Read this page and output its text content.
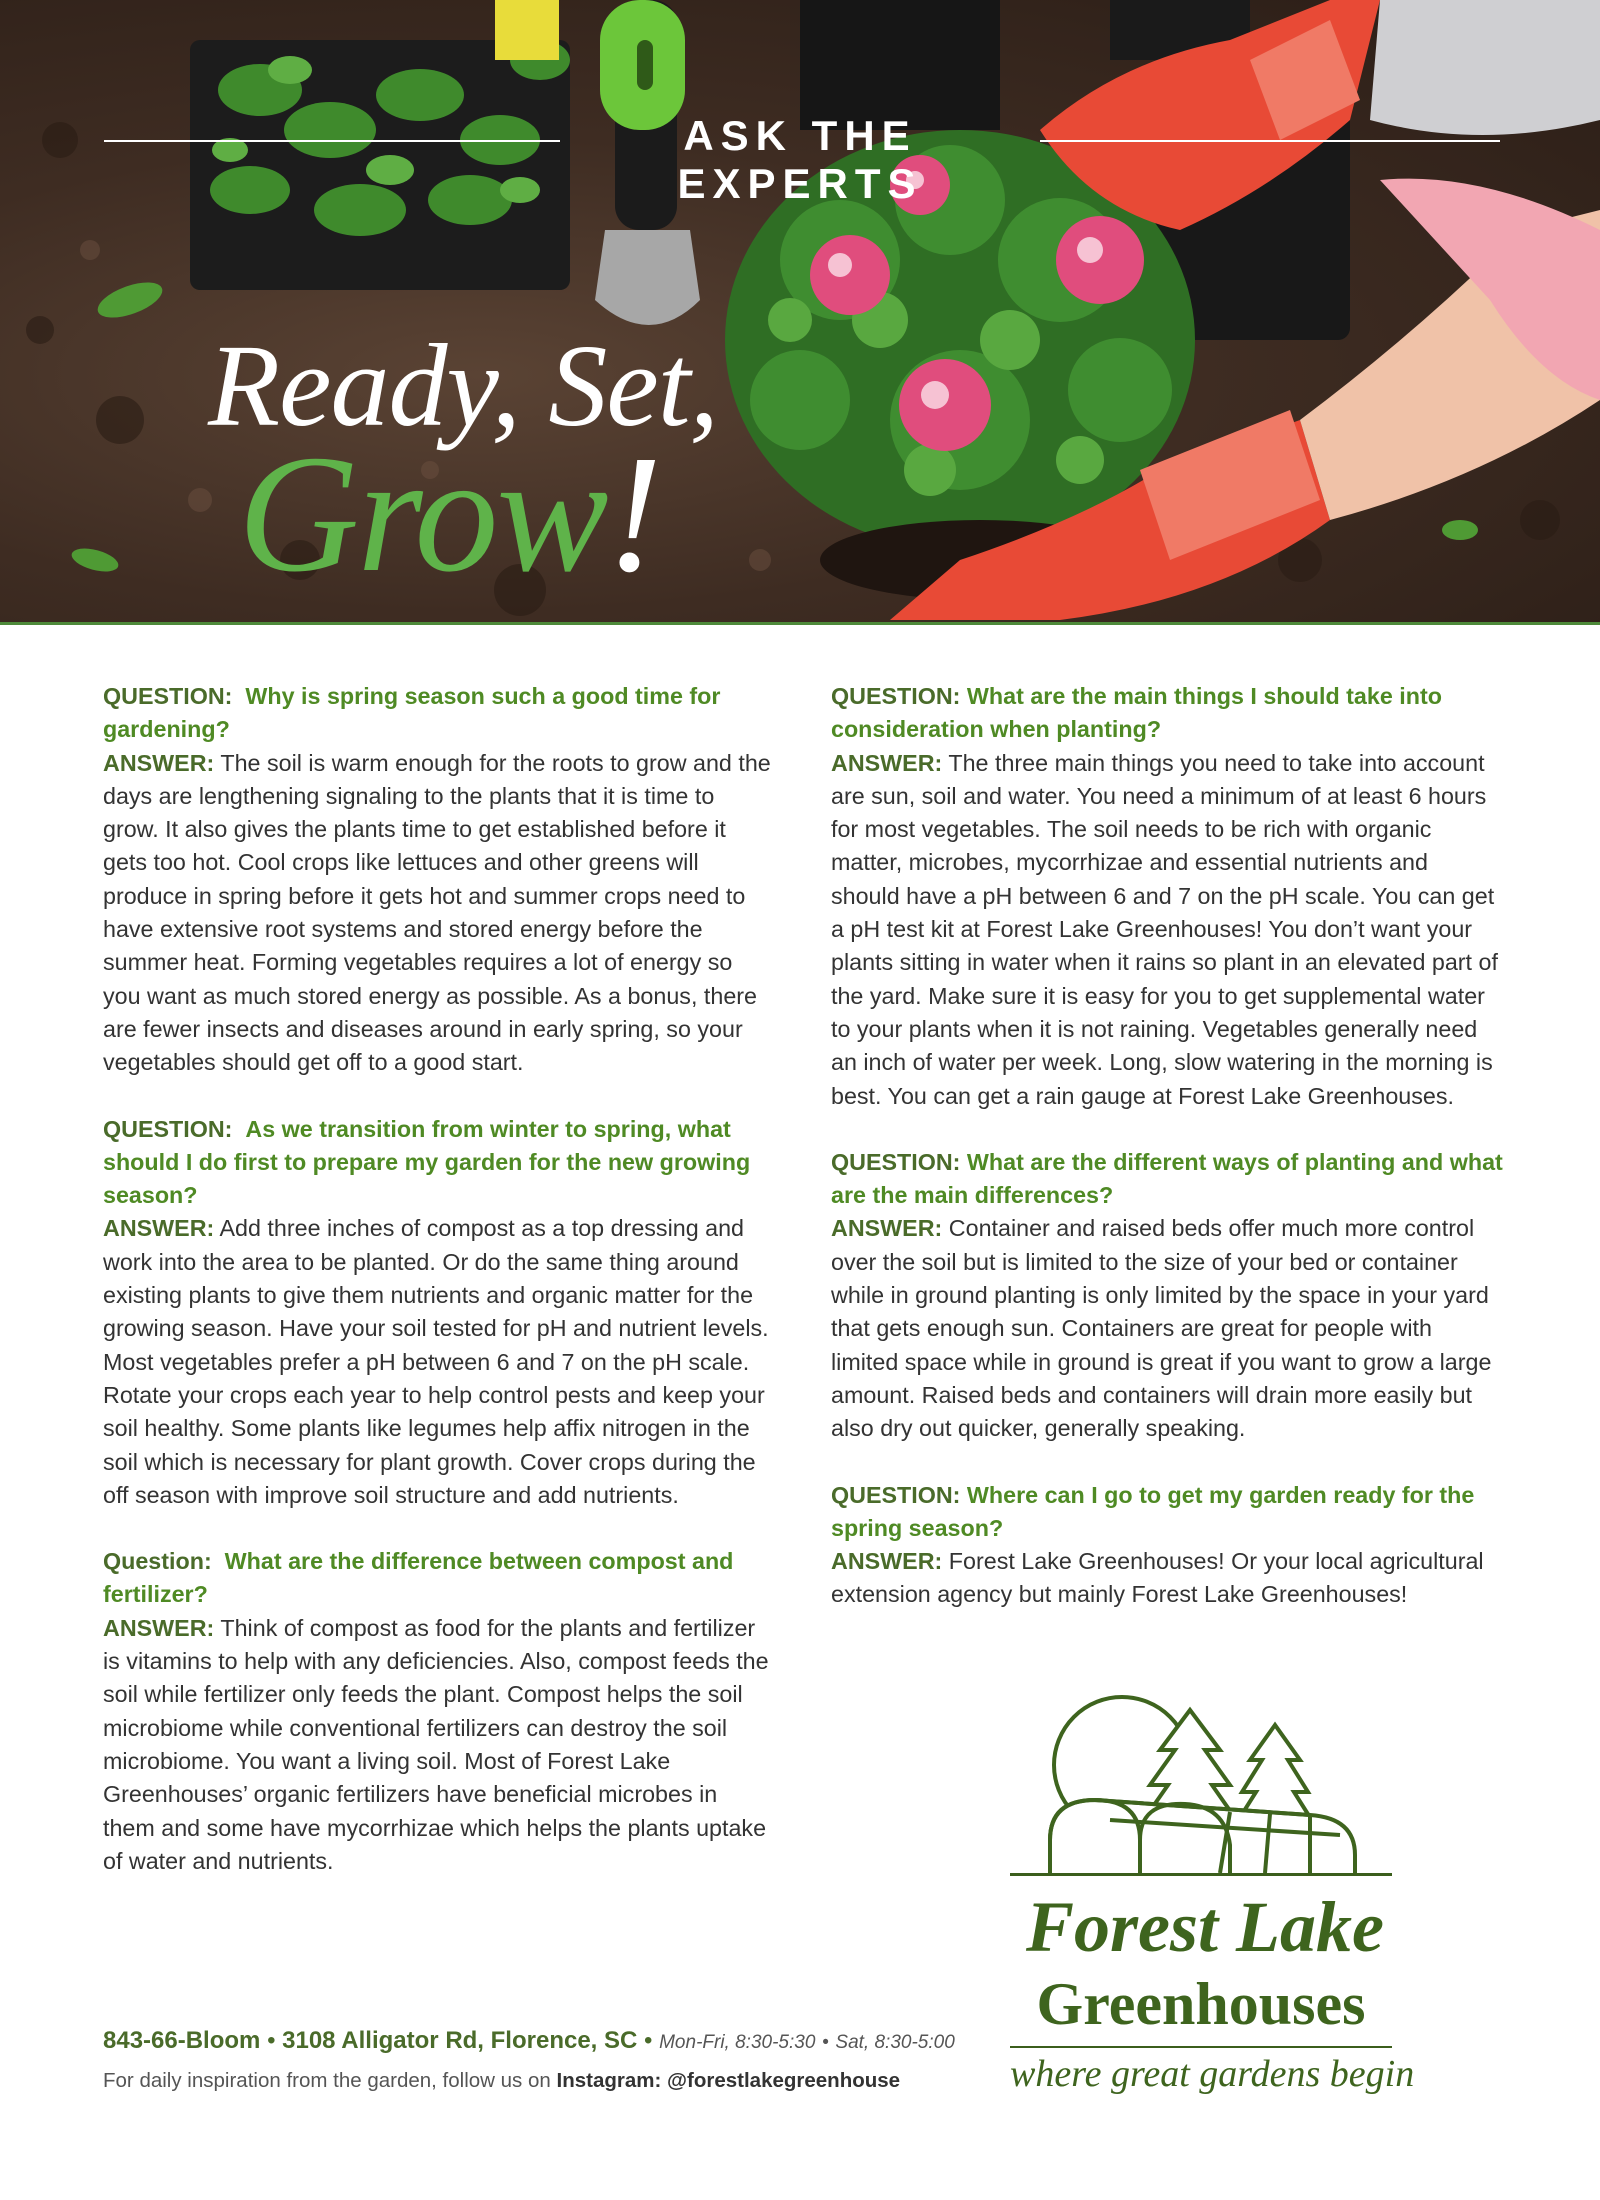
ASK THE EXPERTS
Ready, Set,
Grow!
QUESTION: Why is spring season such a good time for gardening?
ANSWER: The soil is warm enough for the roots to grow and the days are lengthening signaling to the plants that it is time to grow. It also gives the plants time to get established before it gets too hot. Cool crops like lettuces and other greens will produce in spring before it gets hot and summer crops need to have extensive root systems and stored energy before the summer heat. Forming vegetables requires a lot of energy so you want as much stored energy as possible. As a bonus, there are fewer insects and diseases around in early spring, so your vegetables should get off to a good start.
QUESTION: As we transition from winter to spring, what should I do first to prepare my garden for the new growing season?
ANSWER: Add three inches of compost as a top dressing and work into the area to be planted. Or do the same thing around existing plants to give them nutrients and organic matter for the growing season. Have your soil tested for pH and nutrient levels. Most vegetables prefer a pH between 6 and 7 on the pH scale. Rotate your crops each year to help control pests and keep your soil healthy. Some plants like legumes help affix nitrogen in the soil which is necessary for plant growth. Cover crops during the off season with improve soil structure and add nutrients.
Question: What are the difference between compost and fertilizer?
ANSWER: Think of compost as food for the plants and fertilizer is vitamins to help with any deficiencies. Also, compost feeds the soil while fertilizer only feeds the plant. Compost helps the soil microbiome while conventional fertilizers can destroy the soil microbiome. You want a living soil. Most of Forest Lake Greenhouses’ organic fertilizers have beneficial microbes in them and some have mycorrhizae which helps the plants uptake of water and nutrients.
QUESTION: What are the main things I should take into consideration when planting?
ANSWER: The three main things you need to take into account are sun, soil and water. You need a minimum of at least 6 hours for most vegetables. The soil needs to be rich with organic matter, microbes, mycorrhizae and essential nutrients and should have a pH between 6 and 7 on the pH scale. You can get a pH test kit at Forest Lake Greenhouses! You don’t want your plants sitting in water when it rains so plant in an elevated part of the yard. Make sure it is easy for you to get supplemental water to your plants when it is not raining. Vegetables generally need an inch of water per week. Long, slow watering in the morning is best. You can get a rain gauge at Forest Lake Greenhouses.
QUESTION: What are the different ways of planting and what are the main differences?
ANSWER: Container and raised beds offer much more control over the soil but is limited to the size of your bed or container while in ground planting is only limited by the space in your yard that gets enough sun. Containers are great for people with limited space while in ground is great if you want to grow a large amount. Raised beds and containers will drain more easily but also dry out quicker, generally speaking.
QUESTION: Where can I go to get my garden ready for the spring season?
ANSWER: Forest Lake Greenhouses! Or your local agricultural extension agency but mainly Forest Lake Greenhouses!
Forest Lake
Greenhouses
where great gardens begin
843-66-Bloom • 3108 Alligator Rd, Florence, SC • Mon-Fri, 8:30-5:30 • Sat, 8:30-5:00
For daily inspiration from the garden, follow us on Instagram: @forestlakegreenhouse
